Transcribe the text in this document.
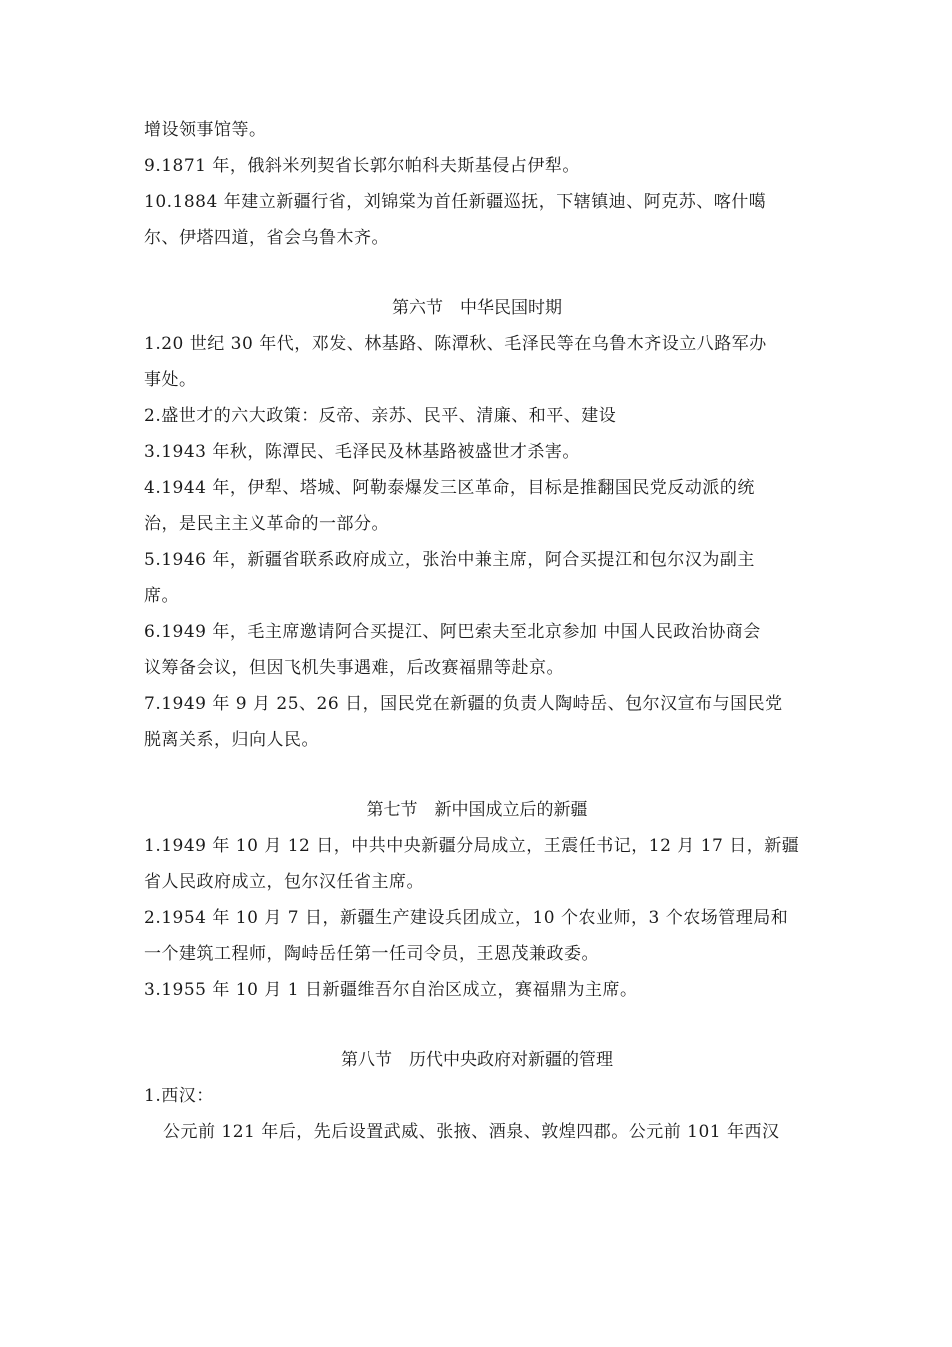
增设领事馆等。
9.1871 年，俄斜米列契省长郭尔帕科夫斯基侵占伊犁。
10.1884 年建立新疆行省，刘锦棠为首任新疆巡抚，下辖镇迪、阿克苏、喀什噶
尔、伊塔四道，省会乌鲁木齐。
第六节　中华民国时期
1.20 世纪 30 年代，邓发、林基路、陈潭秋、毛泽民等在乌鲁木齐设立八路军办
事处。
2.盛世才的六大政策：反帝、亲苏、民平、清廉、和平、建设
3.1943 年秋，陈潭民、毛泽民及林基路被盛世才杀害。
4.1944 年，伊犁、塔城、阿勒泰爆发三区革命，目标是推翻国民党反动派的统
治，是民主主义革命的一部分。
5.1946 年，新疆省联系政府成立，张治中兼主席，阿合买提江和包尔汉为副主
席。
6.1949 年，毛主席邀请阿合买提江、阿巴索夫至北京参加 中国人民政治协商会
议筹备会议，但因飞机失事遇难，后改赛福鼎等赴京。
7.1949 年 9 月 25、26 日，国民党在新疆的负责人陶峙岳、包尔汉宣布与国民党
脱离关系，归向人民。
第七节　新中国成立后的新疆
1.1949 年 10 月 12 日，中共中央新疆分局成立，王震任书记，12 月 17 日，新疆
省人民政府成立，包尔汉任省主席。
2.1954 年 10 月 7 日，新疆生产建设兵团成立，10 个农业师，3 个农场管理局和
一个建筑工程师，陶峙岳任第一任司令员，王恩茂兼政委。
3.1955 年 10 月 1 日新疆维吾尔自治区成立，赛福鼎为主席。
第八节　历代中央政府对新疆的管理
1.西汉：
公元前 121 年后，先后设置武威、张掖、酒泉、敦煌四郡。公元前 101 年西汉
